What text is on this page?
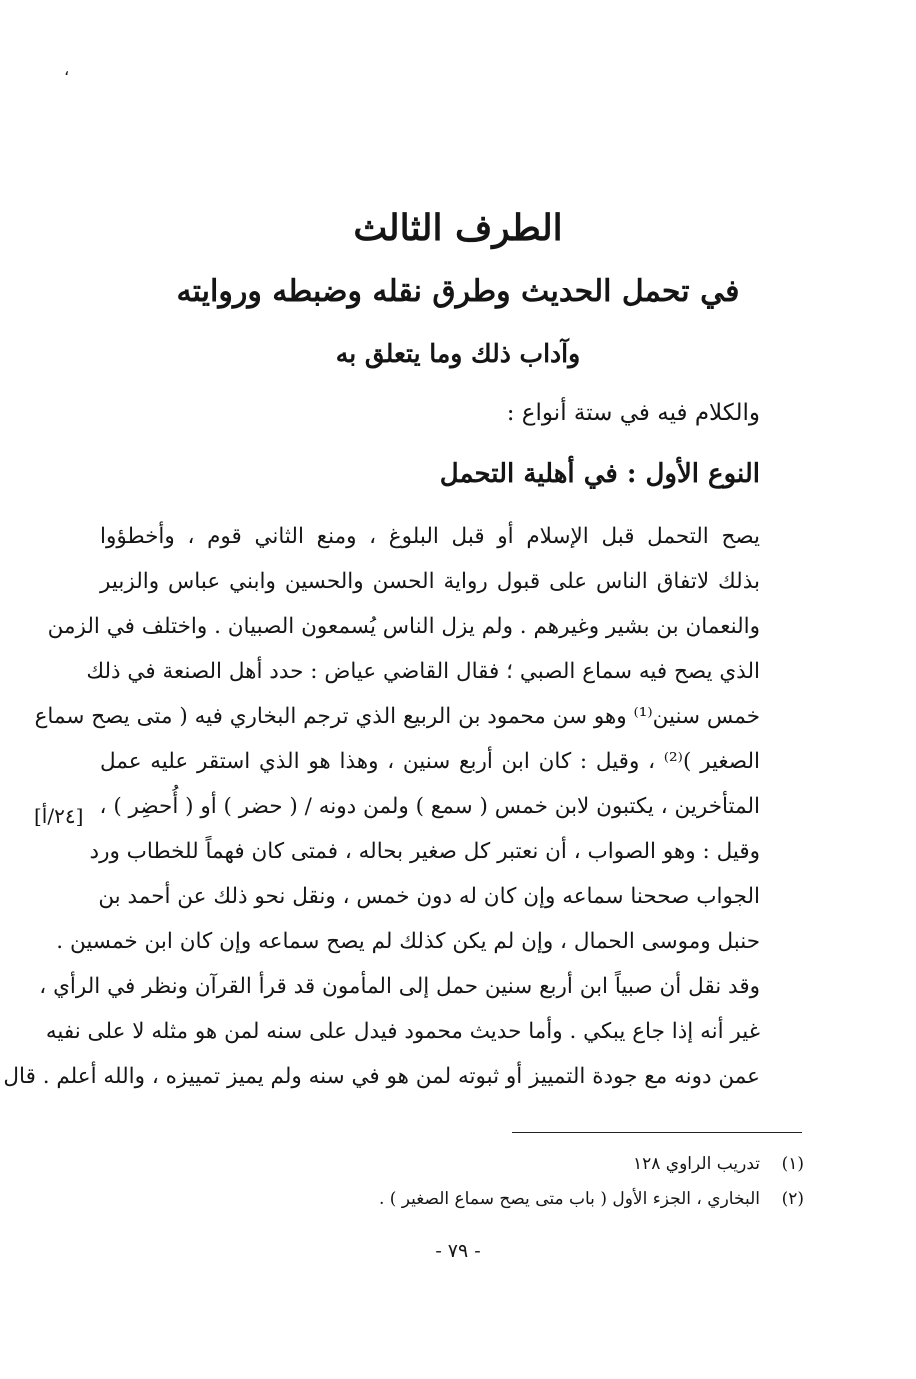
،
الطرف الثالث
في تحمل الحديث وطرق نقله وضبطه وروايته
وآداب ذلك وما يتعلق به
والكلام فيه في ستة أنواع :
النوع الأول : في أهلية التحمل
يصح التحمل قبل الإسلام أو قبل البلوغ ، ومنع الثاني قوم ، وأخطؤوا
بذلك لاتفاق الناس على قبول رواية الحسن والحسين وابني عباس والزبير
والنعمان بن بشير وغيرهم . ولم يزل الناس يُسمعون الصبيان . واختلف في الزمن
الذي يصح فيه سماع الصبي ؛ فقال القاضي عياض : حدد أهل الصنعة في ذلك
خمس سنين⁽¹⁾ وهو سن محمود بن الربيع الذي ترجم البخاري فيه ( متى يصح سماع
الصغير )⁽²⁾ ، وقيل : كان ابن أربع سنين ، وهذا هو الذي استقر عليه عمل
المتأخرين ، يكتبون لابن خمس ( سمع ) ولمن دونه / ( حضر ) أو ( أُحضِر ) ،
وقيل : وهو الصواب ، أن نعتبر كل صغير بحاله ، فمتى كان فهماً للخطاب ورد
الجواب صححنا سماعه وإن كان له دون خمس ، ونقل نحو ذلك عن أحمد بن
حنبل وموسى الحمال ، وإن لم يكن كذلك لم يصح سماعه وإن كان ابن خمسين .
وقد نقل أن صبياً ابن أربع سنين حمل إلى المأمون قد قرأ القرآن ونظر في الرأي ،
غير أنه إذا جاع يبكي . وأما حديث محمود فيدل على سنه لمن هو مثله لا على نفيه
عمن دونه مع جودة التمييز أو ثبوته لمن هو في سنه ولم يميز تمييزه ، والله أعلم . قال
[٢٤/أ]
(١)تدريب الراوي ١٢٨
(٢)البخاري ، الجزء الأول ( باب متى يصح سماع الصغير ) .
- ٧٩ -
